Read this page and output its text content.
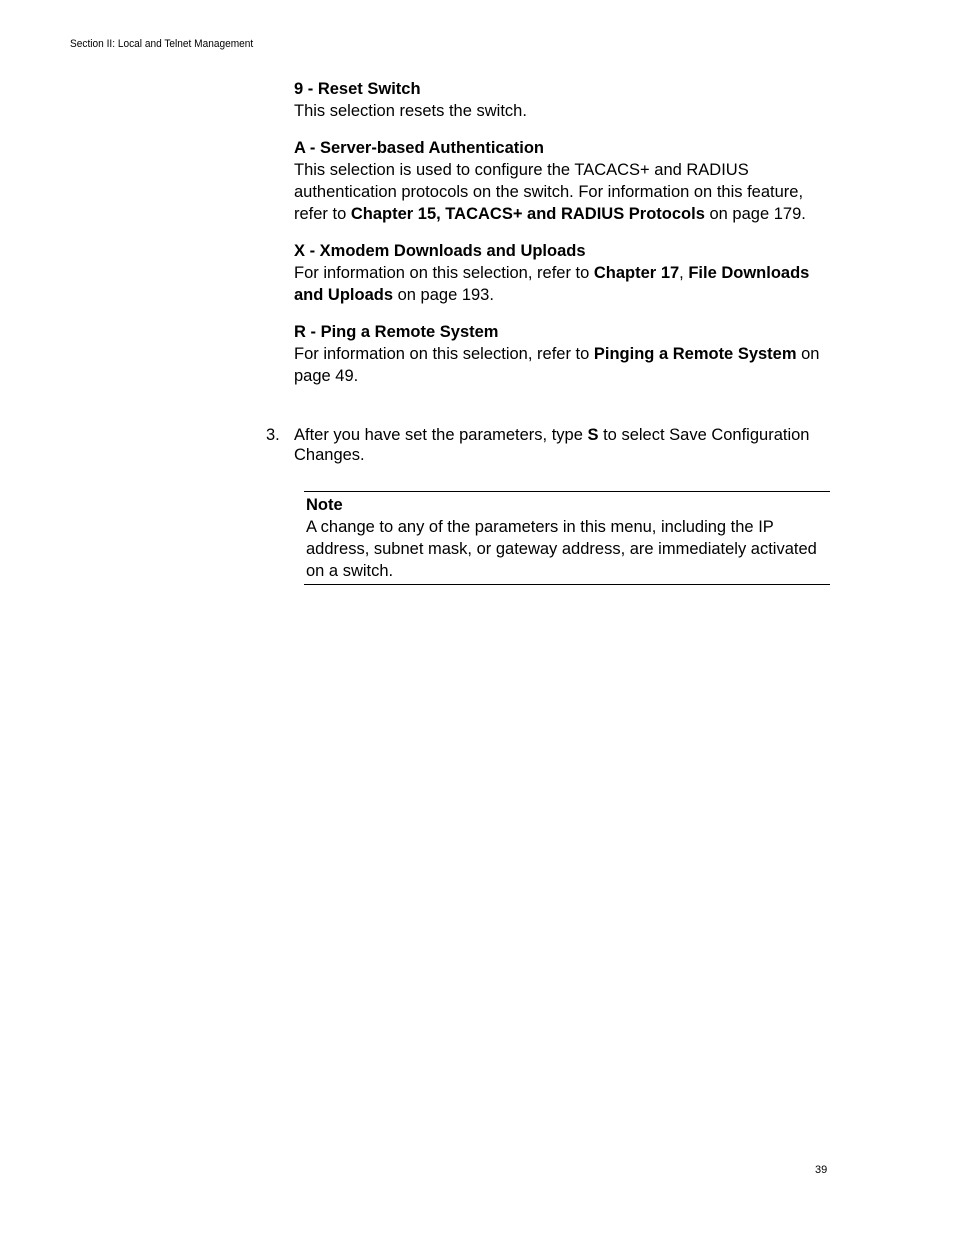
Section II: Local and Telnet Management
9 - Reset Switch
This selection resets the switch.
A - Server-based Authentication
This selection is used to configure the TACACS+ and RADIUS authentication protocols on the switch. For information on this feature, refer to Chapter 15, TACACS+ and RADIUS Protocols on page 179.
X - Xmodem Downloads and Uploads
For information on this selection, refer to Chapter 17, File Downloads and Uploads on page 193.
R - Ping a Remote System
For information on this selection, refer to Pinging a Remote System on page 49.
3. After you have set the parameters, type S to select Save Configuration Changes.
Note
A change to any of the parameters in this menu, including the IP address, subnet mask, or gateway address, are immediately activated on a switch.
39
